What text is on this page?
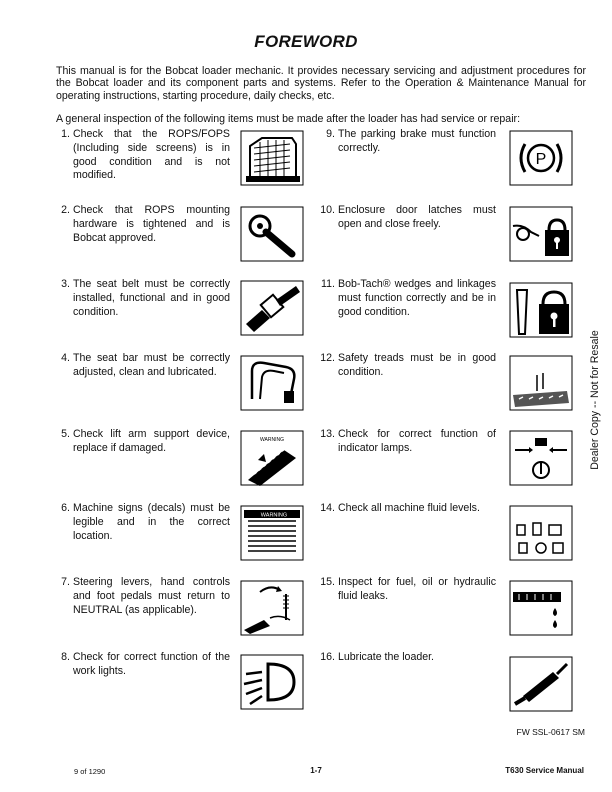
FOREWORD
This manual is for the Bobcat loader mechanic. It provides necessary servicing and adjustment procedures for the Bobcat loader and its component parts and systems. Refer to the Operation & Maintenance Manual for operating instructions, starting procedure, daily checks, etc.
A general inspection of the following items must be made after the loader has had service or repair:
1. Check that the ROPS/FOPS (Including side screens) is in good condition and is not modified.
2. Check that ROPS mounting hardware is tightened and is Bobcat approved.
3. The seat belt must be correctly installed, functional and in good condition.
4. The seat bar must be correctly adjusted, clean and lubricated.
5. Check lift arm support device, replace if damaged.
6. Machine signs (decals) must be legible and in the correct location.
7. Steering levers, hand controls and foot pedals must return to NEUTRAL (as applicable).
8. Check for correct function of the work lights.
9. The parking brake must function correctly.
10. Enclosure door latches must open and close freely.
11. Bob-Tach® wedges and linkages must function correctly and be in good condition.
12. Safety treads must be in good condition.
13. Check for correct function of indicator lamps.
14. Check all machine fluid levels.
15. Inspect for fuel, oil or hydraulic fluid leaks.
16. Lubricate the loader.
WARNING
WARNING
P
Dealer Copy -- Not for Resale
FW SSL-0617 SM
9 of 1290	1-7	T630 Service Manual
